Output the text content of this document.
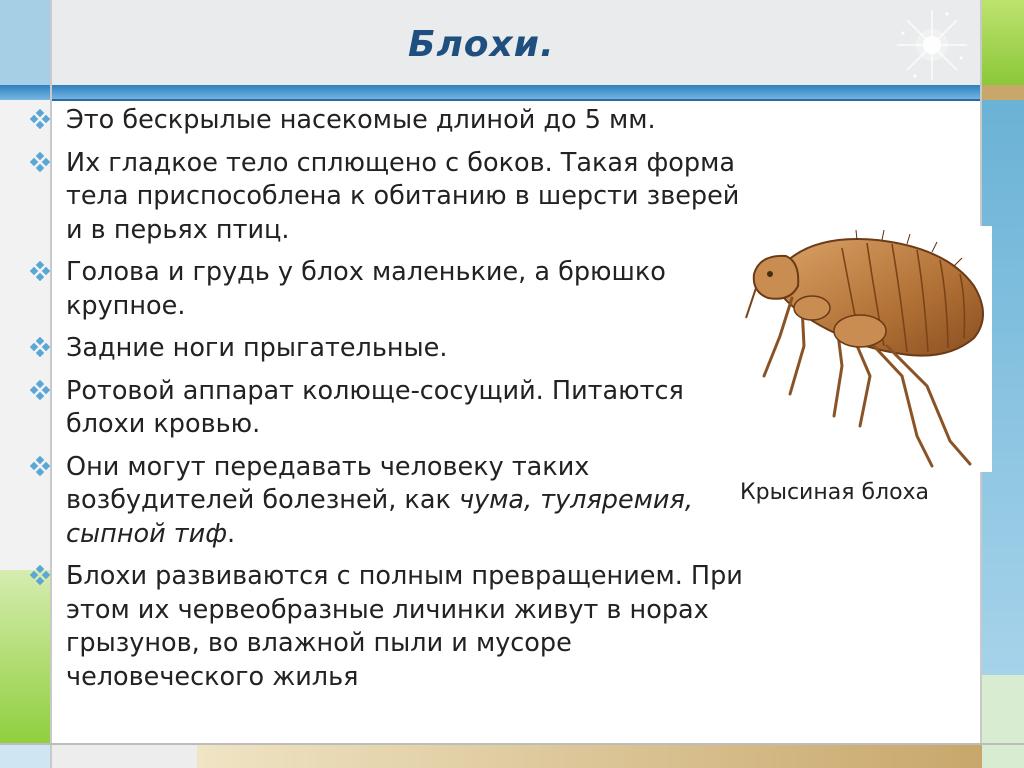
Блохи.
Это бескрылые насекомые длиной до 5 мм.
Их гладкое тело сплющено с боков. Такая форма тела приспособлена к обитанию в шерсти зверей и в перьях птиц.
Голова и грудь у блох маленькие, а брюшко крупное.
Задние ноги прыгательные.
Ротовой аппарат колюще-сосущий. Питаются блохи кровью.
Они могут передавать человеку таких возбудителей болезней, как чума, туляремия, сыпной тиф.
Блохи развиваются с полным превращением. При этом их червеобразные личинки живут в норах грызунов, во влажной пыли и мусоре человеческого жилья
Крысиная блоха
